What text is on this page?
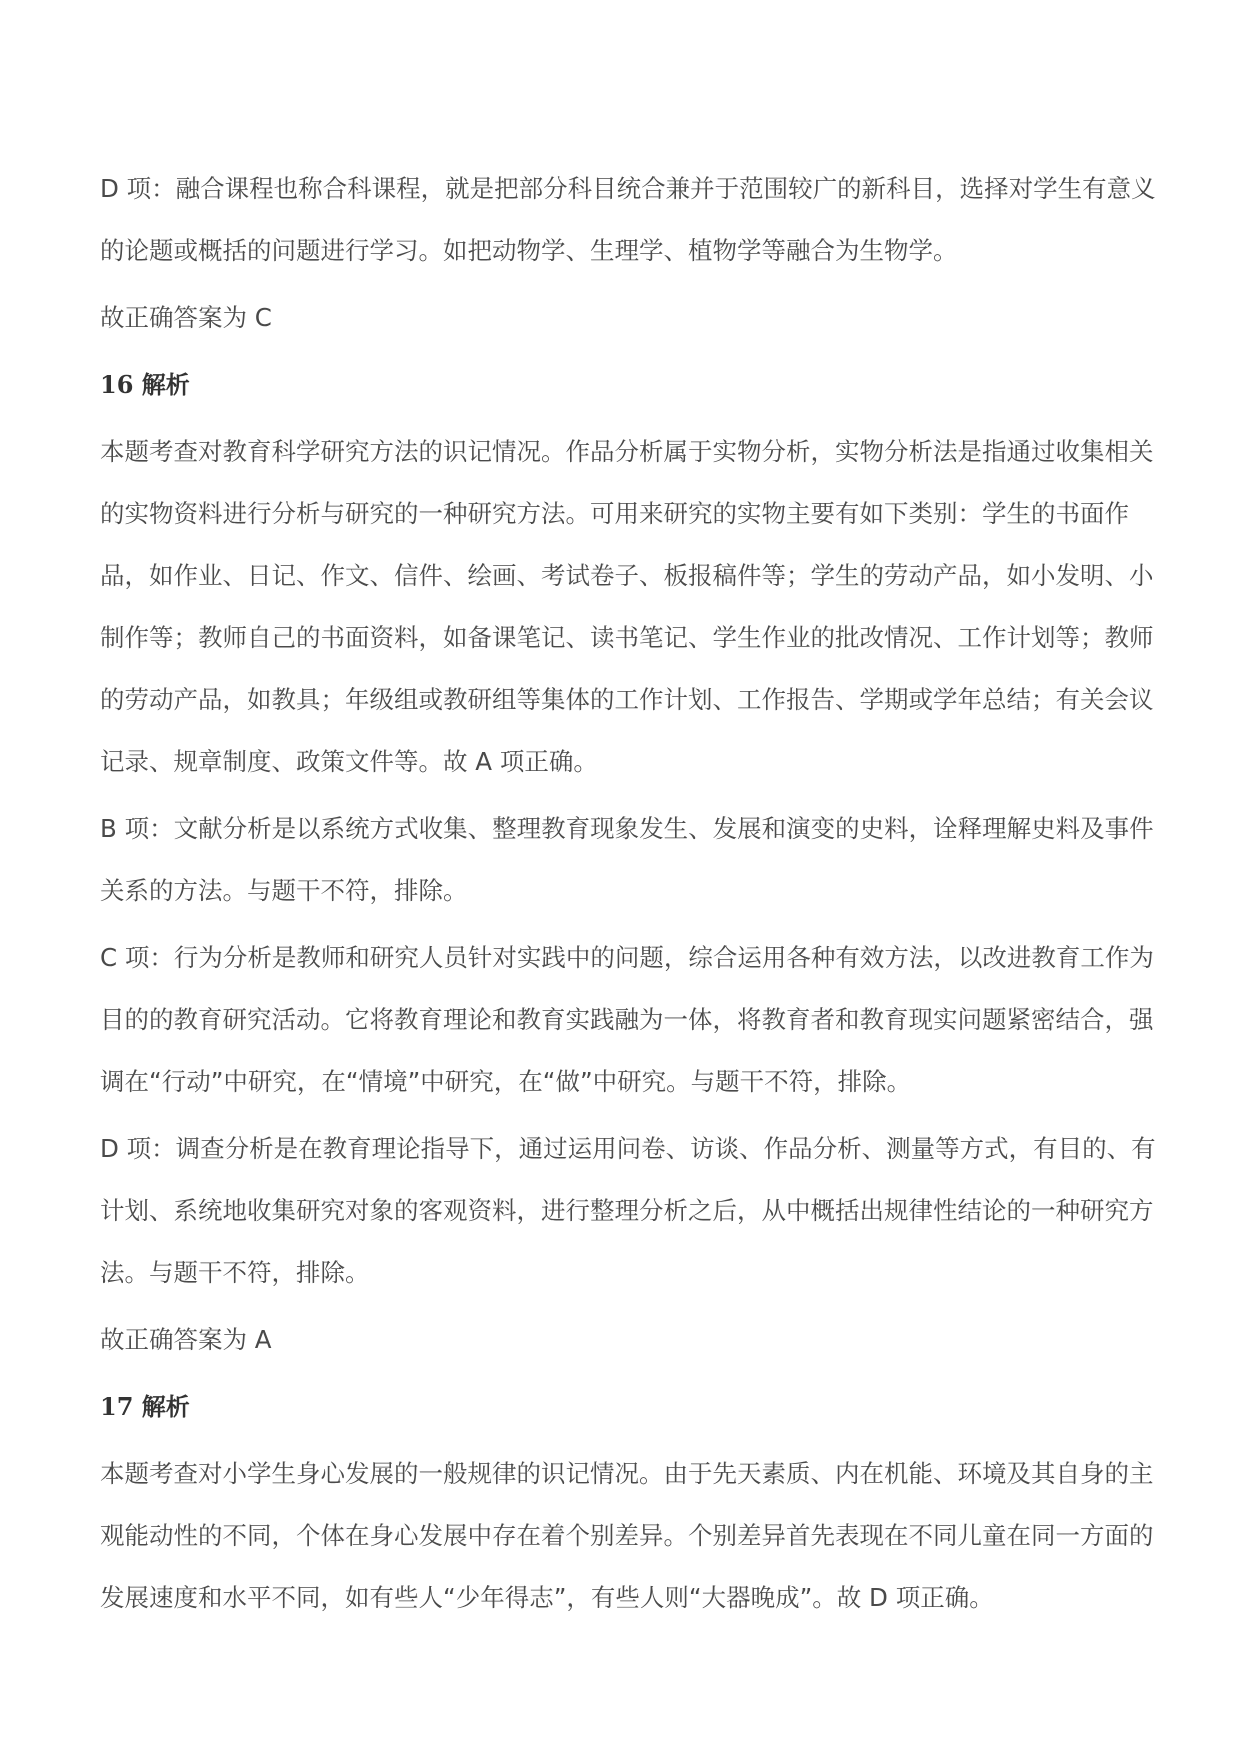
D 项：融合课程也称合科课程，就是把部分科目统合兼并于范围较广的新科目，选择对学生有意义的论题或概括的问题进行学习。如把动物学、生理学、植物学等融合为生物学。

故正确答案为 C

16 解析

本题考查对教育科学研究方法的识记情况。作品分析属于实物分析，实物分析法是指通过收集相关的实物资料进行分析与研究的一种研究方法。可用来研究的实物主要有如下类别：学生的书面作品，如作业、日记、作文、信件、绘画、考试卷子、板报稿件等；学生的劳动产品，如小发明、小制作等；教师自己的书面资料，如备课笔记、读书笔记、学生作业的批改情况、工作计划等；教师的劳动产品，如教具；年级组或教研组等集体的工作计划、工作报告、学期或学年总结；有关会议记录、规章制度、政策文件等。故 A 项正确。

B 项：文献分析是以系统方式收集、整理教育现象发生、发展和演变的史料，诠释理解史料及事件关系的方法。与题干不符，排除。

C 项：行为分析是教师和研究人员针对实践中的问题，综合运用各种有效方法，以改进教育工作为目的的教育研究活动。它将教育理论和教育实践融为一体，将教育者和教育现实问题紧密结合，强调在“行动”中研究，在“情境”中研究，在“做”中研究。与题干不符，排除。

D 项：调查分析是在教育理论指导下，通过运用问卷、访谈、作品分析、测量等方式，有目的、有计划、系统地收集研究对象的客观资料，进行整理分析之后，从中概括出规律性结论的一种研究方法。与题干不符，排除。

故正确答案为 A

17 解析

本题考查对小学生身心发展的一般规律的识记情况。由于先天素质、内在机能、环境及其自身的主观能动性的不同，个体在身心发展中存在着个别差异。个别差异首先表现在不同儿童在同一方面的发展速度和水平不同，如有些人“少年得志”，有些人则“大器晚成”。故 D 项正确。
